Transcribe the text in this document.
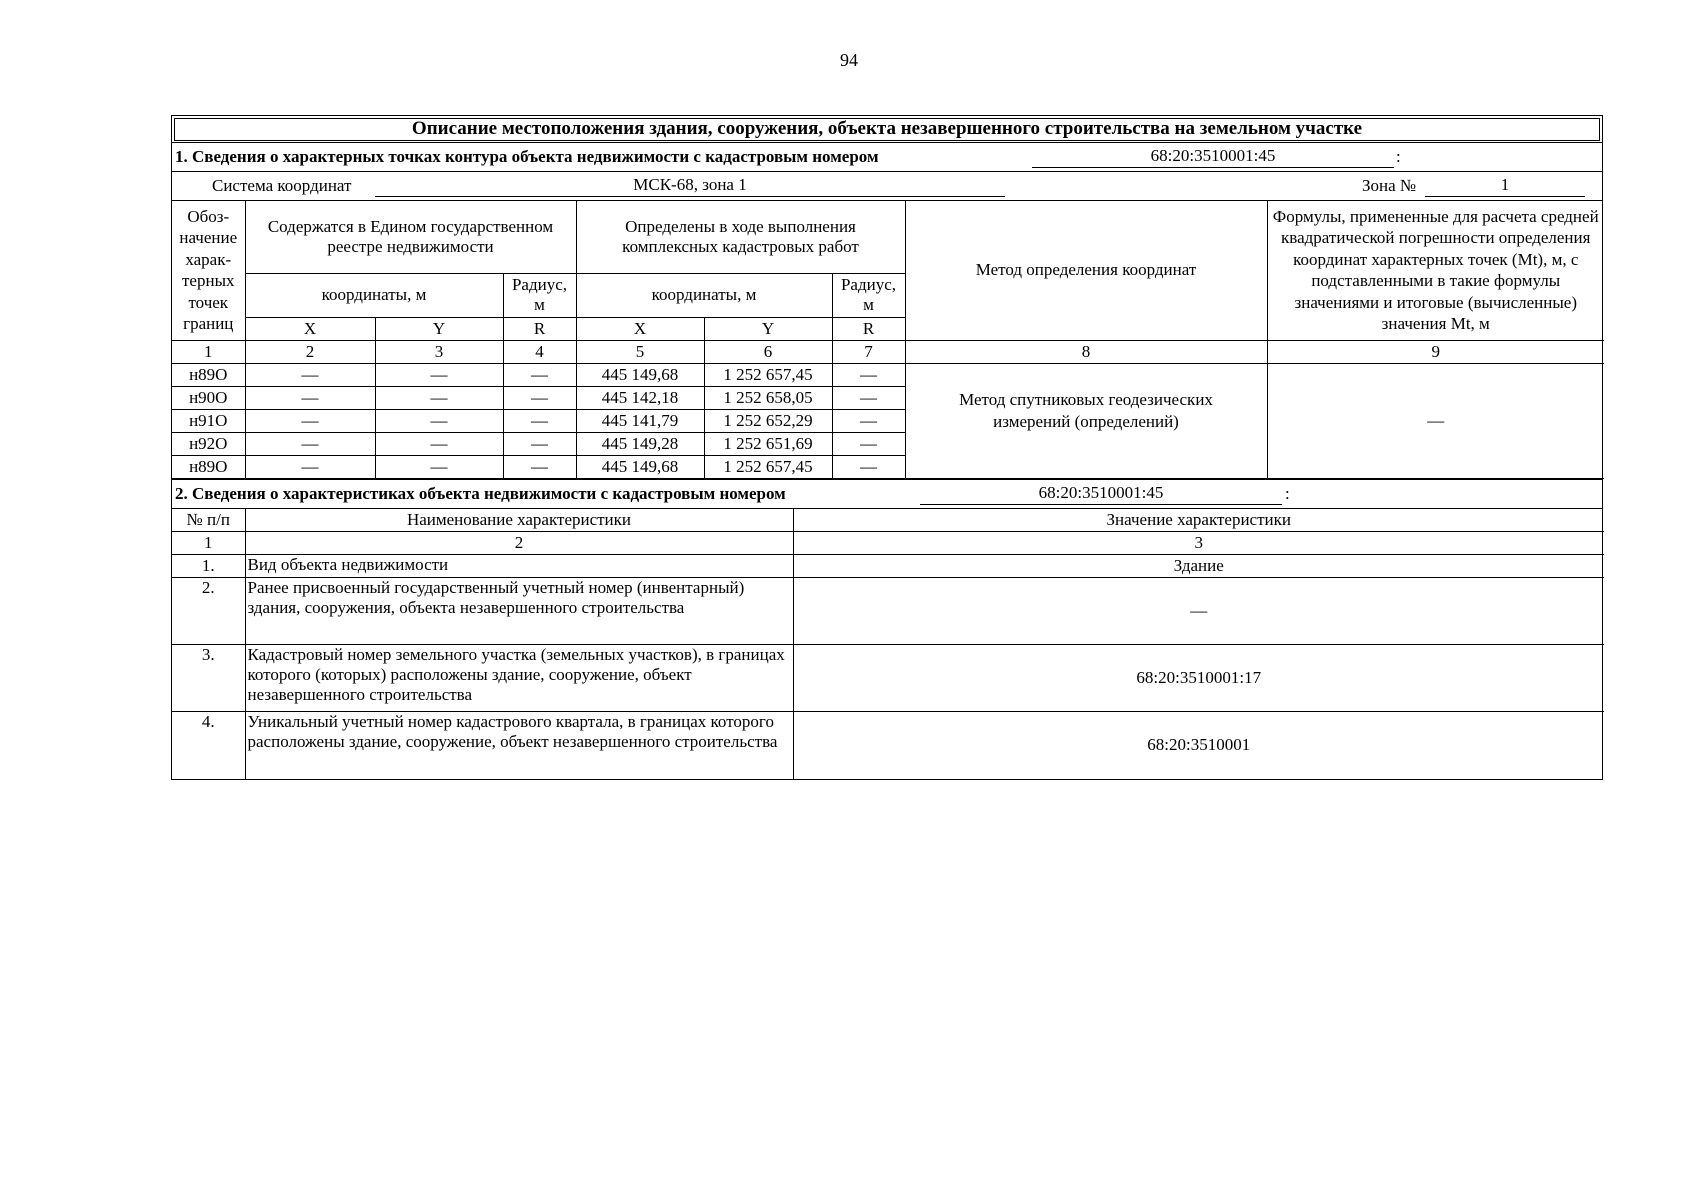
94
Описание местоположения здания, сооружения, объекта незавершенного строительства на земельном участке
1. Сведения о характерных точках контура объекта недвижимости с кадастровым номером	68:20:3510001:45	:
Система координат	МСК-68, зона 1	Зона №	1
Обоз-начение харак-терных точек границ	Содержатся в Едином государственном реестре недвижимости			Определены в ходе выполнения комплексных кадастровых работ			Метод определения координат	Формулы, примененные для расчета средней квадратической погрешности определения координат характерных точек (Mt), м, с подставленными в такие формулы значениями и итоговые (вычисленные) значения Mt, м
	координаты, м		Радиус, м	координаты, м		Радиус, м		
	X	Y	R	X	Y	R		
1	2	3	4	5	6	7	8	9
н89О	—	—	—	445 149,68	1 252 657,45	—	Метод спутниковых геодезических измерений (определений)	—
н90О	—	—	—	445 142,18	1 252 658,05	—		
н91О	—	—	—	445 141,79	1 252 652,29	—		
н92О	—	—	—	445 149,28	1 252 651,69	—		
н89О	—	—	—	445 149,68	1 252 657,45	—		
2. Сведения о характеристиках объекта недвижимости с кадастровым номером	68:20:3510001:45	:
№ п/п	Наименование характеристики	Значение характеристики
1	2	3
1.	Вид объекта недвижимости	Здание
2.	Ранее присвоенный государственный учетный номер (инвентарный) здания, сооружения, объекта незавершенного строительства	—
3.	Кадастровый номер земельного участка (земельных участков), в границах которого (которых) расположены здание, сооружение, объект незавершенного строительства	68:20:3510001:17
4.	Уникальный учетный номер кадастрового квартала, в границах которого расположены здание, сооружение, объект незавершенного строительства	68:20:3510001
